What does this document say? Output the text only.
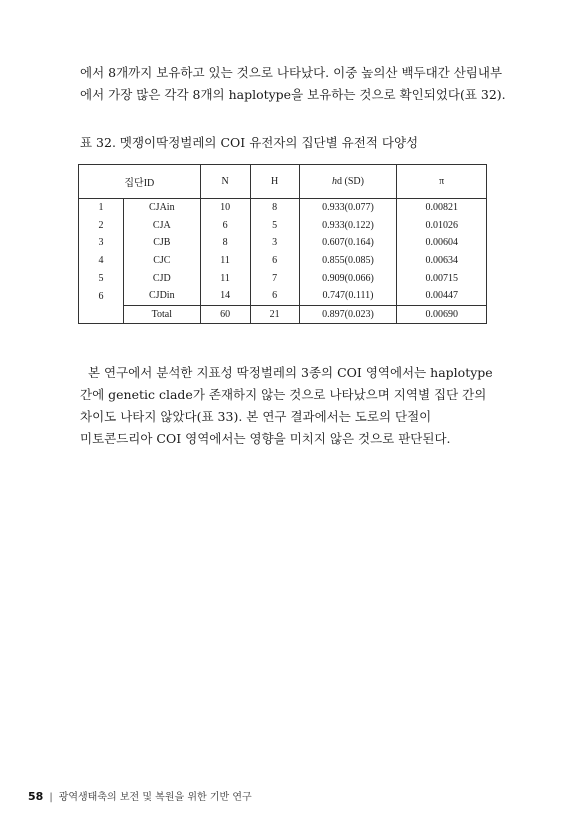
에서 8개까지 보유하고 있는 것으로 나타났다. 이중 높의산 백두대간 산림내부
에서 가장 많은 각각 8개의 haplotype을 보유하는 것으로 확인되었다(표 32).
표 32. 멧쟁이딱정벌레의 COI 유전자의 집단별 유전적 다양성
집단ID		N	H	hd (SD)	π
1	CJAin	10	8	0.933(0.077)	0.00821
2	CJA	6	5	0.933(0.122)	0.01026
3	CJB	8	3	0.607(0.164)	0.00604
4	CJC	11	6	0.855(0.085)	0.00634
5	CJD	11	7	0.909(0.066)	0.00715
6	CJDin	14	6	0.747(0.111)	0.00447
	Total	60	21	0.897(0.023)	0.00690
본 연구에서 분석한 지표성 딱정벌레의 3종의 COI 영역에서는 haplotype
간에 genetic clade가 존재하지 않는 것으로 나타났으며 지역별 집단 간의
차이도 나타지 않았다(표 33). 본 연구 결과에서는 도로의 단절이
미토콘드리아 COI 영역에서는 영향을 미치지 않은 것으로 판단된다.
58 | 광역생태축의 보전 및 복원을 위한 기반 연구
